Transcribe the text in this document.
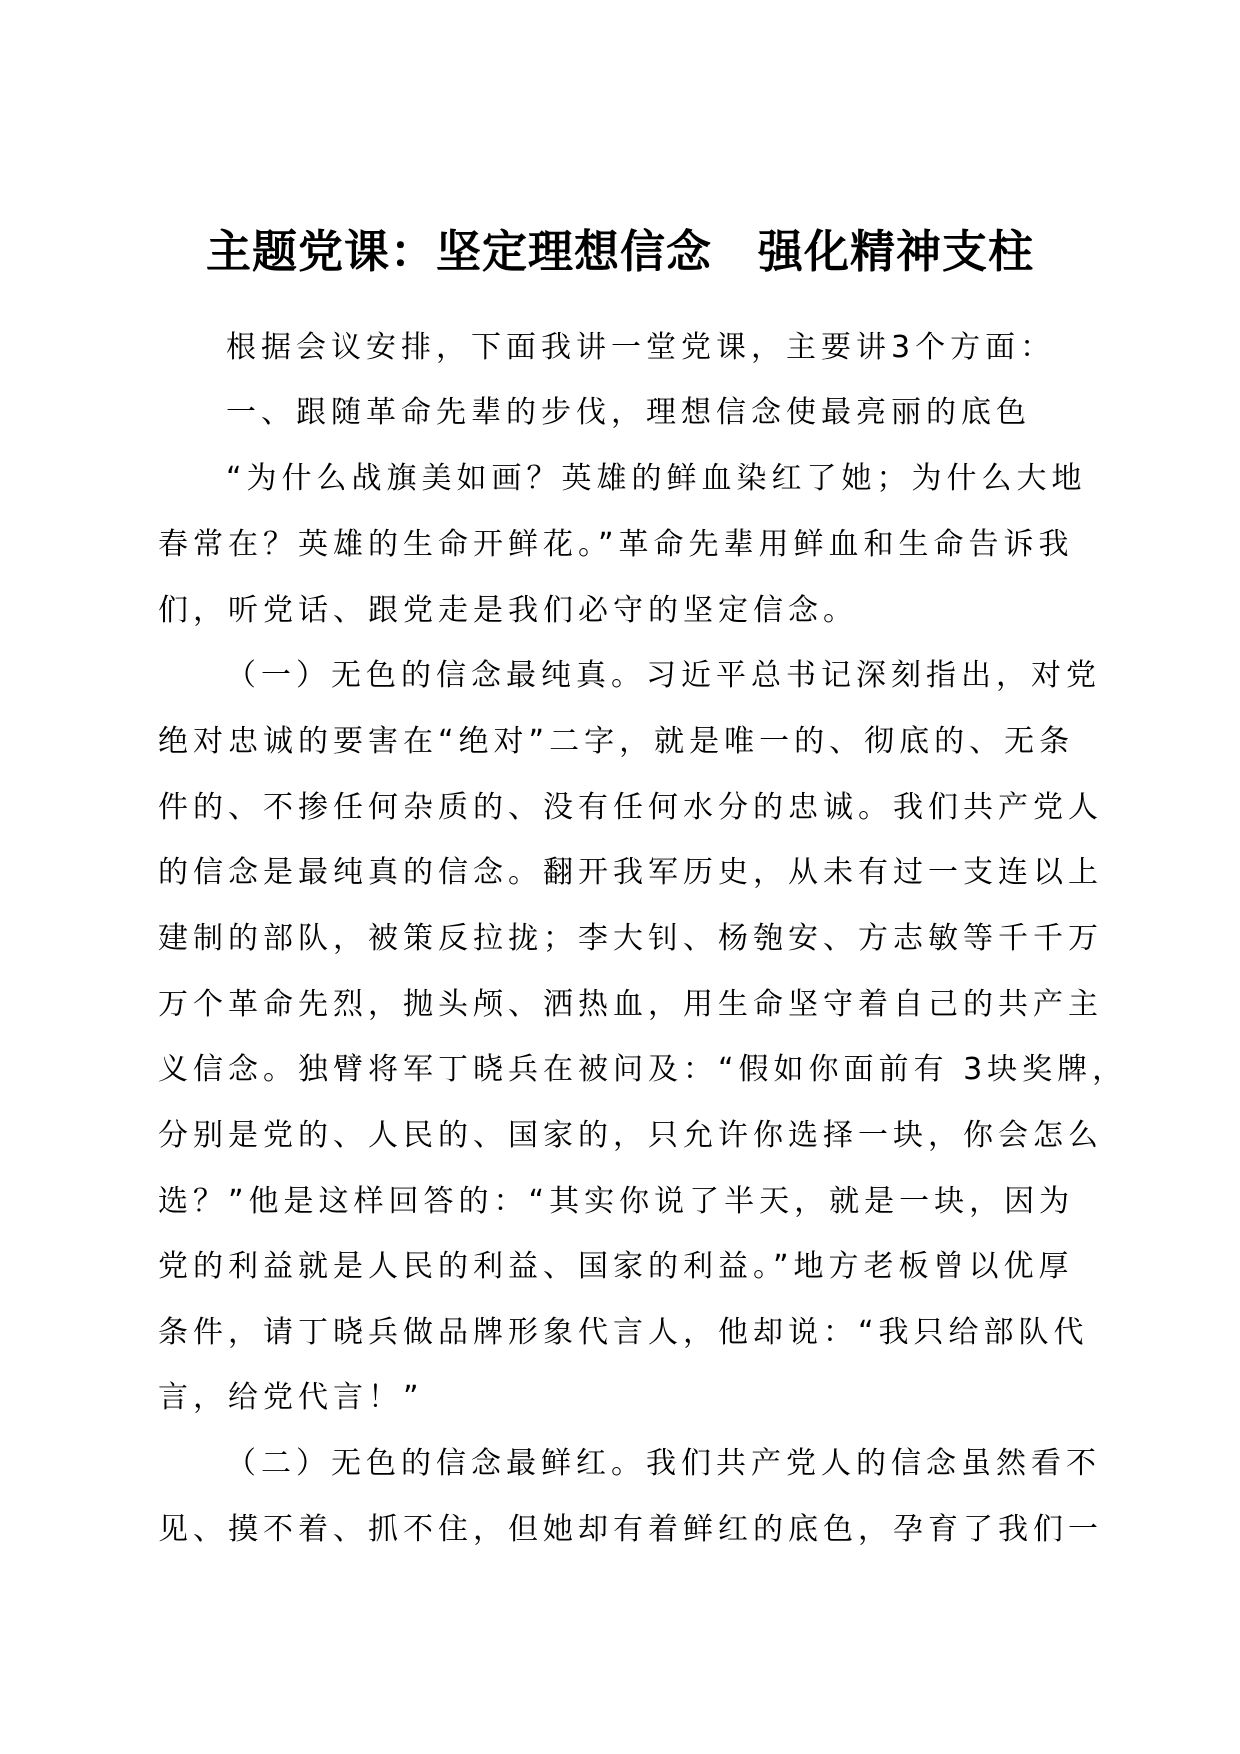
主题党课：坚定理想信念　强化精神支柱
根据会议安排，下面我讲一堂党课，主要讲3个方面：
一、跟随革命先辈的步伐，理想信念使最亮丽的底色
“为什么战旗美如画？英雄的鲜血染红了她；为什么大地
春常在？英雄的生命开鲜花。”革命先辈用鲜血和生命告诉我
们，听党话、跟党走是我们必守的坚定信念。
（一）无色的信念最纯真。习近平总书记深刻指出，对党
绝对忠诚的要害在“绝对”二字，就是唯一的、彻底的、无条
件的、不掺任何杂质的、没有任何水分的忠诚。我们共产党人
的信念是最纯真的信念。翻开我军历史，从未有过一支连以上
建制的部队，被策反拉拢；李大钊、杨匏安、方志敏等千千万
万个革命先烈，抛头颅、洒热血，用生命坚守着自己的共产主
义信念。独臂将军丁晓兵在被问及：“假如你面前有 3块奖牌，
分别是党的、人民的、国家的，只允许你选择一块，你会怎么
选？”他是这样回答的：“其实你说了半天，就是一块，因为
党的利益就是人民的利益、国家的利益。”地方老板曾以优厚
条件，请丁晓兵做品牌形象代言人，他却说：“我只给部队代
言，给党代言！”
（二）无色的信念最鲜红。我们共产党人的信念虽然看不
见、摸不着、抓不住，但她却有着鲜红的底色，孕育了我们一
